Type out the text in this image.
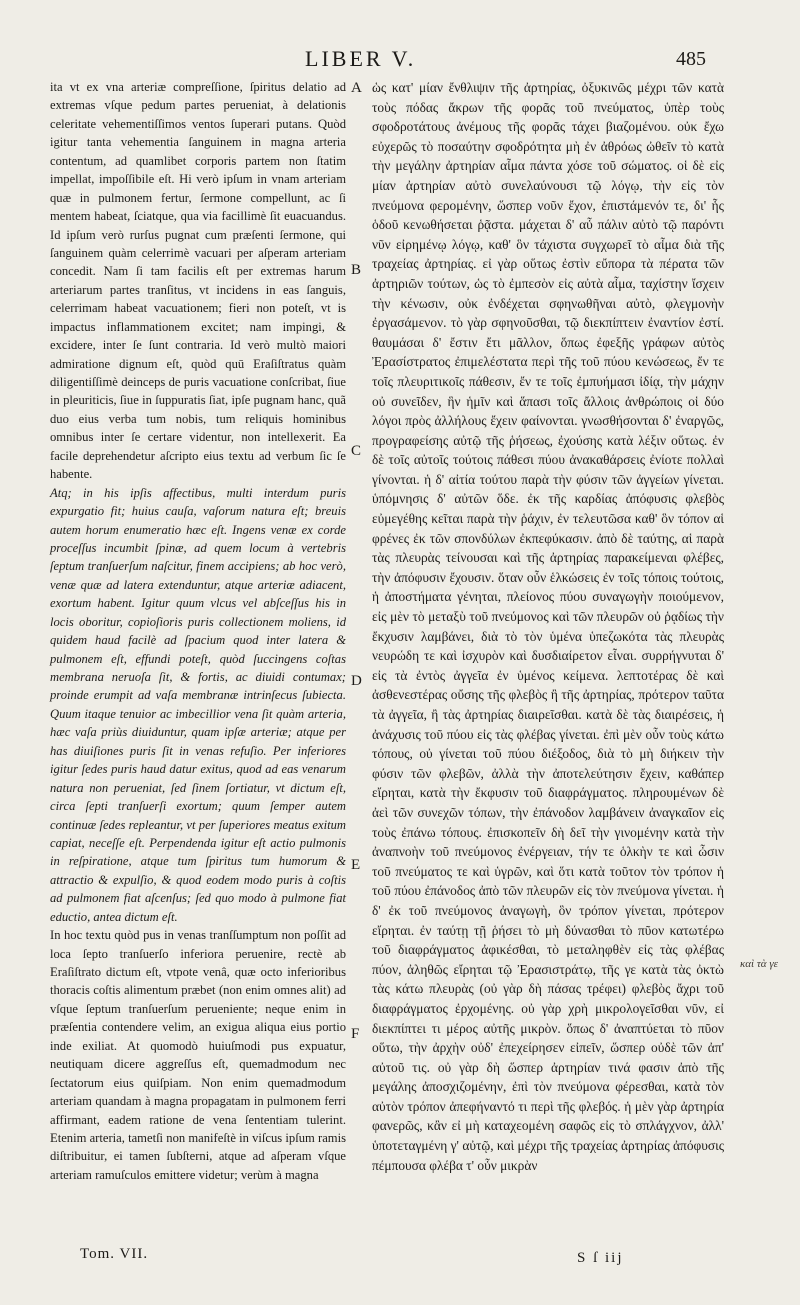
LIBER V.	485

ita vt ex vna arteriæ compreſſione, ſpiritus delatio ad extremas vſque pedum partes perueniat, à delationis celeritate vehementiſſimos ventos ſuperari putans. Quòd igitur tanta vehementia ſanguinem in magna arteria contentum, ad quamlibet corporis partem non ſtatim impellat, impoſſibile eſt. Hi verò ipſum in vnam arteriam quæ in pulmonem fertur, ſermone compellunt, ac ſi mentem habeat, ſciatque, qua via facillimè ſit euacuandus. Id ipſum verò rurſus pugnat cum præſenti ſermone, qui ſanguinem quàm celerrimè vacuari per aſperam arteriam concedit. Nam ſi tam facilis eſt per extremas harum arteriarum partes tranſitus, vt incidens in eas ſanguis, celerrimam habeat vacuationem; fieri non poteſt, vt is impactus inflammationem excitet; nam impingi, & excidere, inter ſe ſunt contraria. Id verò multò maiori admiratione dignum eſt, quòd quū Eraſiſtratus quàm diligentiſſimè deinceps de puris vacuatione conſcribat, ſiue in pleuriticis, ſiue in ſuppuratis ſiat, ipſe pugnam hanc, quã duo eius verba tum nobis, tum reliquis hominibus omnibus inter ſe certare videntur, non intellexerit. Ea facile deprehendetur aſcripto eius textu ad verbum ſic ſe habente.

Atq; in his ipſis affectibus, multi interdum puris expurgatio fit; huius cauſa, vaſorum natura eſt; breuis autem horum enumeratio hæc eſt. Ingens venæ ex corde proceſſus incumbit ſpinæ, ad quem locum à vertebris ſeptum tranſuerſum naſcitur, finem accipiens; ab hoc verò, venæ quæ ad latera extenduntur, atque arteriæ adiacent, exortum habent. Igitur quum vlcus vel abſceſſus his in locis oboritur, copioſioris puris collectionem moliens, id quidem haud facilè ad ſpacium quod inter latera & pulmonem eſt, effundi poteſt, quòd ſuccingens coſtas membrana neruoſa ſit, & fortis, ac diuidi contumax; proinde erumpit ad vaſa membranæ intrinſecus ſubiecta. Quum itaque tenuior ac imbecillior vena ſit quàm arteria, hæc vaſa priùs diuiduntur, quam ipſæ arteriæ; atque per has diuiſiones puris ſit in venas refuſio. Per inferiores igitur ſedes puris haud datur exitus, quod ad eas venarum natura non perueniat, ſed ſinem ſortiatur, vt dictum eſt, circa ſepti tranſuerſi exortum; quum ſemper autem continuæ ſedes repleantur, vt per ſuperiores meatus exitum capiat, neceſſe eſt. Perpendenda igitur eſt actio pulmonis in reſpiratione, atque tum ſpiritus tum humorum & attractio & expulſio, & quod eodem modo puris à coſtis ad pulmonem fiat aſcenſus; ſed quo modo à pulmone fiat eductio, antea dictum eſt.

In hoc textu quòd pus in venas tranſſumptum non poſſit ad loca ſepto tranſuerſo inferiora peruenire, rectè ab Eraſiſtrato dictum eſt, vtpote venâ, quæ octo inferioribus thoracis coſtis alimentum præbet (non enim omnes alit) ad vſque ſeptum tranſuerſum perueniente; neque enim in præſentia contendere velim, an exigua aliqua eius portio inde exiliat. At quomodò huiuſmodi pus expuatur, neutiquam dicere aggreſſus eſt, quemadmodum nec ſectatorum eius quiſpiam. Non enim quemadmodum arteriam quandam à magna propagatam in pulmonem ferri affirmant, eadem ratione de vena ſententiam tulerint. Etenim arteria, tametſi non manifeſtè in viſcus ipſum ramis diſtribuitur, ei tamen ſubſterni, atque ad aſperam vſque arteriam ramuſculos emittere videtur; verùm à magna

A
B
C
D
E
F

ὡς κατ' μίαν ἔνθλιψιν τῆς ἀρτηρίας, ὀξυκινῶς μέχρι τῶν κατὰ τοὺς πόδας ἄκρων τῆς φορᾶς τοῦ πνεύματος, ὑπὲρ τοὺς σφοδροτάτους ἀνέμους τῆς φορᾶς τάχει βιαζομένου. οὐκ ἔχω εὐχερῶς τὸ ποσαύτην σφοδρότητα μὴ ἐν ἀθρόως ὠθεῖν τὸ κατὰ τὴν μεγάλην ἀρτηρίαν αἷμα πάντα χόσε τοῦ σώματος. οἱ δὲ εἰς μίαν ἀρτηρίαν αὐτὸ συνελαύνουσι τῷ λόγῳ, τὴν εἰς τὸν πνεύμονα φερομένην, ὥσπερ νοῦν ἔχον, ἐπιστάμενόν τε, δι' ἧς ὁδοῦ κενωθήσεται ῥᾷστα. μάχεται δ' αὖ πάλιν αὐτὸ τῷ παρόντι νῦν εἰρημένῳ λόγῳ, καθ' ὃν τάχιστα συγχωρεῖ τὸ αἷμα διὰ τῆς τραχείας ἀρτηρίας. εἰ γὰρ οὕτως ἐστὶν εὔπορα τὰ πέρατα τῶν ἀρτηριῶν τούτων, ὡς τὸ ἐμπεσὸν εἰς αὐτὰ αἷμα, ταχίστην ἴσχειν τὴν κένωσιν, οὐκ ἐνδέχεται σφηνωθῆναι αὐτὸ, φλεγμονὴν ἐργασάμενον. τὸ γὰρ σφηνοῦσθαι, τῷ διεκπίπτειν ἐναντίον ἐστί. θαυμάσαι δ' ἔστιν ἔτι μᾶλλον, ὅπως ἐφεξῆς γράφων αὐτὸς Ἐρασίστρατος ἐπιμελέστατα περὶ τῆς τοῦ πύου κενώσεως, ἔν τε τοῖς πλευριτικοῖς πάθεσιν, ἔν τε τοῖς ἐμπυήμασι ἰδίᾳ, τὴν μάχην οὐ συνεῖδεν, ἣν ἡμῖν καὶ ἅπασι τοῖς ἄλλοις ἀνθρώποις οἱ δύο λόγοι πρὸς ἀλλήλους ἔχειν φαίνονται. γνωσθήσονται δ' ἐναργῶς, προγραφείσης αὐτῷ τῆς ῥήσεως, ἐχούσης κατὰ λέξιν οὕτως. ἐν δὲ τοῖς αὐτοῖς τούτοις πάθεσι πύου ἀνακαθάρσεις ἐνίοτε πολλαὶ γίνονται. ἡ δ' αἰτία τούτου παρὰ τὴν φύσιν τῶν ἀγγείων γίνεται. ὑπόμνησις δ' αὐτῶν ὅδε. ἐκ τῆς καρδίας ἀπόφυσις φλεβὸς εὐμεγέθης κεῖται παρὰ τὴν ῥάχιν, ἐν τελευτῶσα καθ' ὃν τόπον αἱ φρένες ἐκ τῶν σπονδύλων ἐκπεφύκασιν. ἀπὸ δὲ ταύτης, αἱ παρὰ τὰς πλευρὰς τείνουσαι καὶ τῆς ἀρτηρίας παρακείμεναι φλέβες, τὴν ἀπόφυσιν ἔχουσιν. ὅταν οὖν ἑλκώσεις ἐν τοῖς τόποις τούτοις, ἡ ἀποστήματα γένηται, πλείονος πύου συναγωγὴν ποιούμενον, εἰς μὲν τὸ μεταξὺ τοῦ πνεύμονος καὶ τῶν πλευρῶν οὐ ῥᾳδίως τὴν ἔκχυσιν λαμβάνει, διὰ τὸ τὸν ὑμένα ὑπεζωκότα τὰς πλευρὰς νευρώδη τε καὶ ἰσχυρὸν καὶ δυσδιαίρετον εἶναι. συρρήγνυται δ' εἰς τὰ ἐντὸς ἀγγεῖα ἐν ὑμένος κείμενα. λεπτοτέρας δὲ καὶ ἀσθενεστέρας οὔσης τῆς φλεβὸς ἢ τῆς ἀρτηρίας, πρότερον ταῦτα τὰ ἀγγεῖα, ἢ τὰς ἀρτηρίας διαιρεῖσθαι. κατὰ δὲ τὰς διαιρέσεις, ἡ ἀνάχυσις τοῦ πύου εἰς τὰς φλέβας γίνεται. ἐπὶ μὲν οὖν τοὺς κάτω τόπους, οὐ γίνεται τοῦ πύου διέξοδος, διὰ τὸ μὴ διήκειν τὴν φύσιν τῶν φλεβῶν, ἀλλὰ τὴν ἀποτελεύτησιν ἔχειν, καθάπερ εἴρηται, κατὰ τὴν ἔκφυσιν τοῦ διαφράγματος. πληρουμένων δὲ ἀεὶ τῶν συνεχῶν τόπων, τὴν ἐπάνοδον λαμβάνειν ἀναγκαῖον εἰς τοὺς ἐπάνω τόπους. ἐπισκοπεῖν δὴ δεῖ τὴν γινομένην κατὰ τὴν ἀναπνοὴν τοῦ πνεύμονος ἐνέργειαν, τήν τε ὁλκὴν τε καὶ ὦσιν τοῦ πνεύματος τε καὶ ὑγρῶν, καὶ ὅτι κατὰ τοῦτον τὸν τρόπον ἡ τοῦ πύου ἐπάνοδος ἀπὸ τῶν πλευρῶν εἰς τὸν πνεύμονα γίνεται. ἡ δ' ἐκ τοῦ πνεύμονος ἀναγωγὴ, ὃν τρόπον γίνεται, πρότερον εἴρηται. ἐν ταύτῃ τῇ ῥήσει τὸ μὴ δύνασθαι τὸ πῦον κατωτέρω τοῦ διαφράγματος ἀφικέσθαι, τὸ μεταληφθὲν εἰς τὰς φλέβας πύον, ἀληθῶς εἴρηται τῷ Ἐρασιστράτῳ, τῆς γε κατὰ τὰς ὀκτὼ τὰς κάτω πλευρὰς (οὐ γὰρ δὴ πάσας τρέφει) φλεβὸς ἄχρι τοῦ διαφράγματος ἐρχομένης. οὐ γὰρ χρὴ μικρολογεῖσθαι νῦν, εἰ διεκπίπτει τι μέρος αὐτῆς μικρὸν. ὅπως δ' ἀναπτύεται τὸ πῦον οὕτω, τὴν ἀρχὴν οὐδ' ἐπεχείρησεν εἰπεῖν, ὥσπερ οὐδὲ τῶν ἀπ' αὐτοῦ τις. οὐ γὰρ δὴ ὥσπερ ἀρτηρίαν τινά φασιν ἀπὸ τῆς μεγάλης ἀποσχιζομένην, ἐπὶ τὸν πνεύμονα φέρεσθαι, κατὰ τὸν αὐτὸν τρόπον ἀπεφήναντό τι περὶ τῆς φλεβός. ἡ μὲν γὰρ ἀρτηρία φανερῶς, κἂν εἰ μὴ καταχεομένη σαφῶς εἰς τὸ σπλάγχνον, ἀλλ' ὑποτεταγμένη γ' αὐτῷ, καὶ μέχρι τῆς τραχείας ἀρτηρίας ἀπόφυσις πέμπουσα φλέβα τ' οὖν μικρὰν

καὶ τὰ γε
Tom. VII.	S ſ iij
